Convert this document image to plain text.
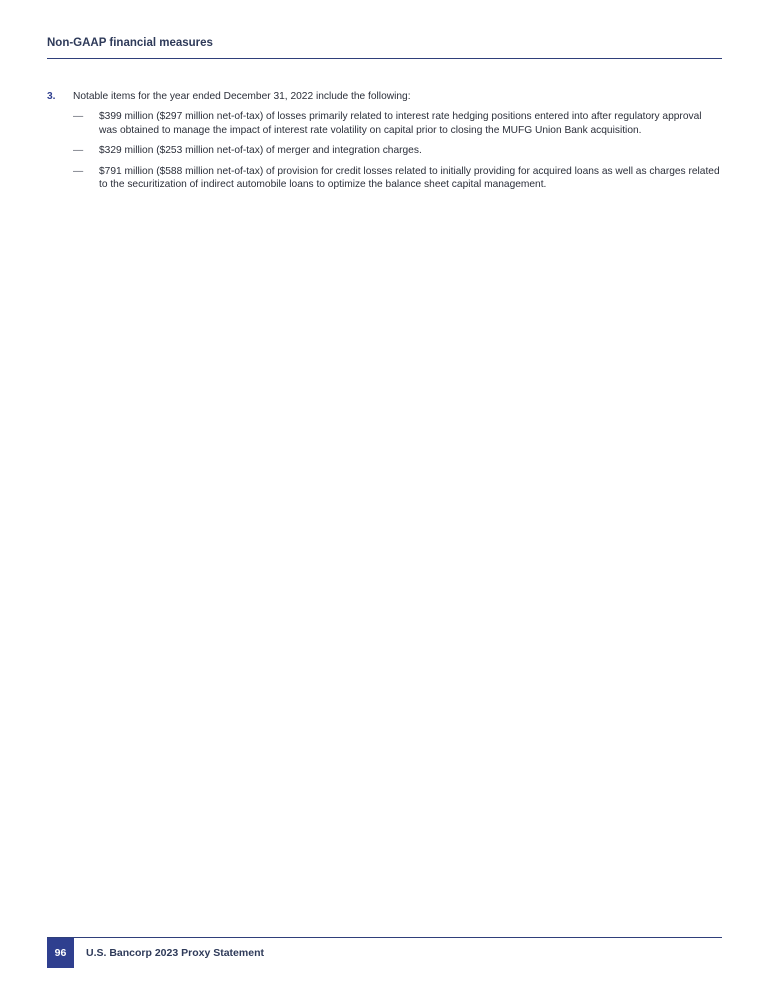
Non-GAAP financial measures
3.	Notable items for the year ended December 31, 2022 include the following:
—	$399 million ($297 million net-of-tax) of losses primarily related to interest rate hedging positions entered into after regulatory approval was obtained to manage the impact of interest rate volatility on capital prior to closing the MUFG Union Bank acquisition.
—	$329 million ($253 million net-of-tax) of merger and integration charges.
—	$791 million ($588 million net-of-tax) of provision for credit losses related to initially providing for acquired loans as well as charges related to the securitization of indirect automobile loans to optimize the balance sheet capital management.
96	U.S. Bancorp 2023 Proxy Statement
